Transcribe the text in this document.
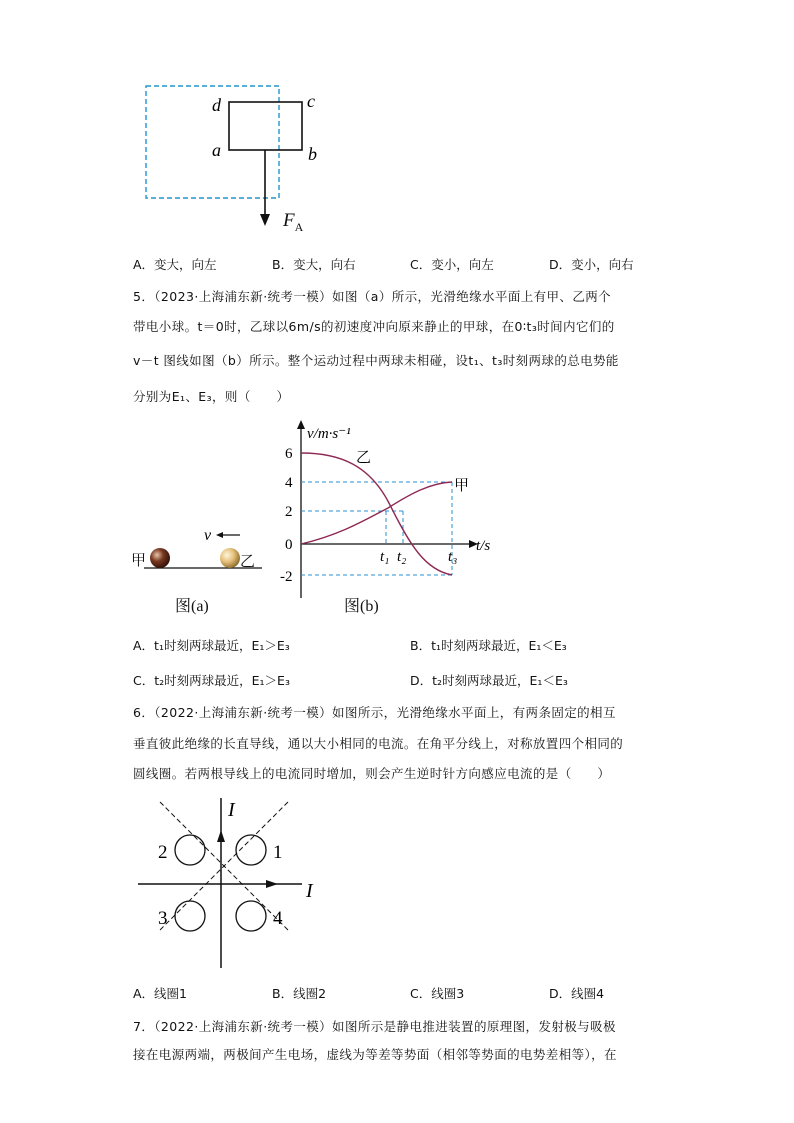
d	c
a	b
$F_A$
A．变大，向左	B．变大，向右	C．变小，向左	D．变小，向右
5．（2023·上海浦东新·统考一模）如图（a）所示，光滑绝缘水平面上有甲、乙两个
带电小球。t＝0时，乙球以6m/s的初速度冲向原来静止的甲球，在0∶t₃时间内它们的
v－t 图线如图（b）所示。整个运动过程中两球未相碰，设t₁、t₃时刻两球的总电势能
分别为E₁、E₃，则（　　）
v
甲	乙
图(a)
6
4
2
0
-2
t₁ t₂	t₃
v/m·s⁻¹
t/s
乙
甲
图(b)
A．t₁时刻两球最近，E₁＞E₃	B．t₁时刻两球最近，E₁＜E₃
C．t₂时刻两球最近，E₁＞E₃	D．t₂时刻两球最近，E₁＜E₃
6．（2022·上海浦东新·统考一模）如图所示，光滑绝缘水平面上，有两条固定的相互
垂直彼此绝缘的长直导线，通以大小相同的电流。在角平分线上，对称放置四个相同的
圆线圈。若两根导线上的电流同时增加，则会产生逆时针方向感应电流的是（　　）
1
2
3	4
I
I
A．线圈1	B．线圈2	C．线圈3	D．线圈4
7．（2022·上海浦东新·统考一模）如图所示是静电推进装置的原理图，发射极与吸极
接在电源两端，两极间产生电场，虚线为等差等势面（相邻等势面的电势差相等），在
